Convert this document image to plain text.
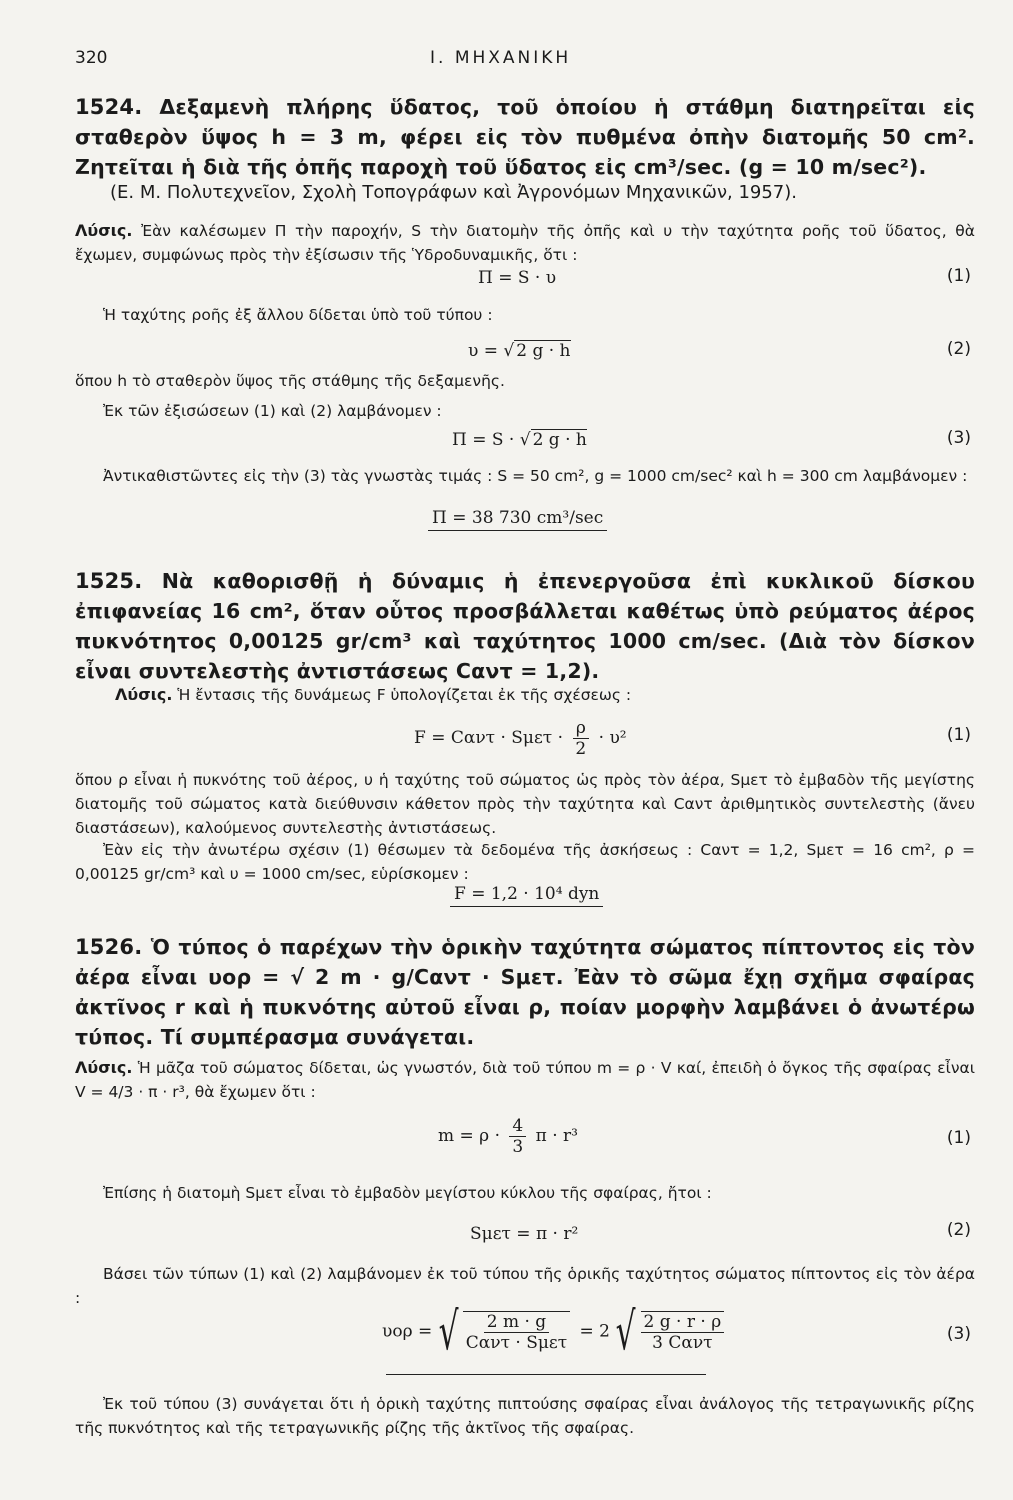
320	Ι. ΜΗΧΑΝΙΚΗ
1524. Δεξαμενὴ πλήρης ὕδατος, τοῦ ὁποίου ἡ στάθμη διατηρεῖται εἰς σταθερὸν ὕψος h = 3 m, φέρει εἰς τὸν πυθμένα ὀπὴν διατομῆς 50 cm². Ζητεῖται ἡ διὰ τῆς ὀπῆς παροχὴ τοῦ ὕδατος εἰς cm³/sec. (g = 10 m/sec²).
(Ε. Μ. Πολυτεχνεῖον, Σχολὴ Τοπογράφων καὶ Ἀγρονόμων Μηχανικῶν, 1957).
Λύσις. Ἐὰν καλέσωμεν Π τὴν παροχήν, S τὴν διατομὴν τῆς ὀπῆς καὶ υ τὴν ταχύτητα ροῆς τοῦ ὕδατος, θὰ ἔχωμεν, συμφώνως πρὸς τὴν ἐξίσωσιν τῆς Ὑδροδυναμικῆς, ὅτι :
Π = S · υ	(1)
Ἡ ταχύτης ροῆς ἐξ ἄλλου δίδεται ὑπὸ τοῦ τύπου :
υ = √ 2 g · h	(2)
ὅπου h τὸ σταθερὸν ὕψος τῆς στάθμης τῆς δεξαμενῆς.
Ἐκ τῶν ἐξισώσεων (1) καὶ (2) λαμβάνομεν :
Π = S · √ 2 g · h	(3)
Ἀντικαθιστῶντες εἰς τὴν (3) τὰς γνωστὰς τιμάς : S = 50 cm², g = 1000 cm/sec² καὶ h = 300 cm λαμβάνομεν :
Π = 38 730 cm³/sec
1525. Νὰ καθορισθῇ ἡ δύναμις ἡ ἐπενεργοῦσα ἐπὶ κυκλικοῦ δίσκου ἐπιφανείας 16 cm², ὅταν οὗτος προσβάλλεται καθέτως ὑπὸ ρεύματος ἀέρος πυκνότητος 0,00125 gr/cm³ καὶ ταχύτητος 1000 cm/sec. (Διὰ τὸν δίσκον εἶναι συντελεστὴς ἀντιστάσεως Cαντ = 1,2).
Λύσις. Ἡ ἔντασις τῆς δυνάμεως F ὑπολογίζεται ἐκ τῆς σχέσεως :
$F = C\alpha\nu\tau \cdot S\mu\varepsilon\tau \cdot \frac{\rho}{2} \cdot \upsilon^2$	(1)
ὅπου ρ εἶναι ἡ πυκνότης τοῦ ἀέρος, υ ἡ ταχύτης τοῦ σώματος ὡς πρὸς τὸν ἀέρα, Sμετ τὸ ἐμβαδὸν τῆς μεγίστης διατομῆς τοῦ σώματος κατὰ διεύθυνσιν κάθετον πρὸς τὴν ταχύτητα καὶ Cαντ ἀριθμητικὸς συντελεστὴς (ἄνευ διαστάσεων), καλούμενος συντελεστὴς ἀντιστάσεως.
Ἐὰν εἰς τὴν ἀνωτέρω σχέσιν (1) θέσωμεν τὰ δεδομένα τῆς ἀσκήσεως : Cαντ = 1,2, Sμετ = 16 cm², ρ = 0,00125 gr/cm³ καὶ υ = 1000 cm/sec, εὑρίσκομεν :
F = 1,2 · 10⁴ dyn
1526. Ὁ τύπος ὁ παρέχων τὴν ὁρικὴν ταχύτητα σώματος πίπτοντος εἰς τὸν ἀέρα εἶναι υορ = √ 2 m · g/Cαντ · Sμετ. Ἐὰν τὸ σῶμα ἔχῃ σχῆμα σφαίρας ἀκτῖνος r καὶ ἡ πυκνότης αὐτοῦ εἶναι ρ, ποίαν μορφὴν λαμβάνει ὁ ἀνωτέρω τύπος. Τί συμπέρασμα συνάγεται.
Λύσις. Ἡ μᾶζα τοῦ σώματος δίδεται, ὡς γνωστόν, διὰ τοῦ τύπου m = ρ · V καί, ἐπειδὴ ὁ ὄγκος τῆς σφαίρας εἶναι V = 4/3 · π · r³, θὰ ἔχωμεν ὅτι :
$m = \rho \cdot \frac{4}{3}$ π · r³	(1)
Ἐπίσης ἡ διατομὴ Sμετ εἶναι τὸ ἐμβαδὸν μεγίστου κύκλου τῆς σφαίρας, ἤτοι :
Sμετ = π · r²	(2)
Βάσει τῶν τύπων (1) καὶ (2) λαμβάνομεν ἐκ τοῦ τύπου τῆς ὁρικῆς ταχύτητος σώματος πίπτοντος εἰς τὸν ἀέρα :
υορ = √ $\frac{2 m \cdot g}{\text{Cαντ · Sμετ}} = 2$ √ $\frac{2 g \cdot r \cdot \rho}{\text{3 Cαντ}}$	(3)
Ἐκ τοῦ τύπου (3) συνάγεται ὅτι ἡ ὁρικὴ ταχύτης πιπτούσης σφαίρας εἶναι ἀνάλογος τῆς τετραγωνικῆς ρίζης τῆς πυκνότητος καὶ τῆς τετραγωνικῆς ρίζης τῆς ἀκτῖνος τῆς σφαίρας.
